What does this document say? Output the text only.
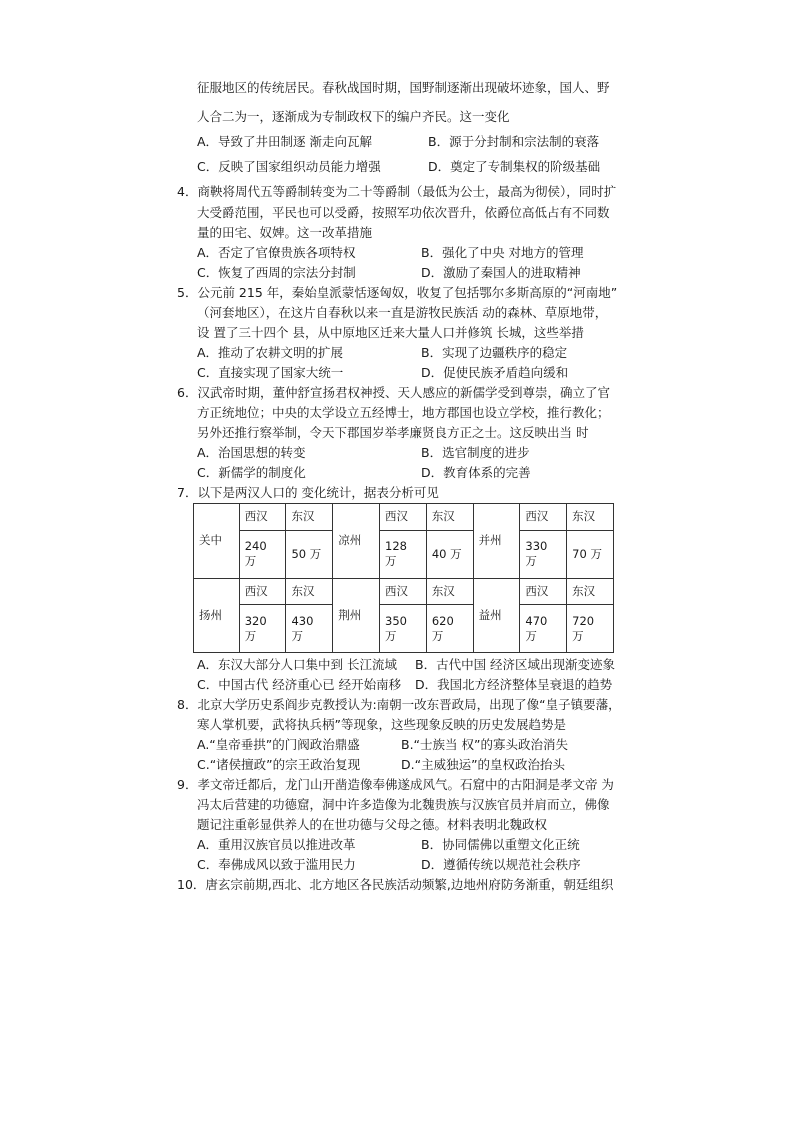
征服地区的传统居民。春秋战国时期，国野制逐渐出现破坏迹象，国人、野
人合二为一，逐渐成为专制政权下的编户齐民。这一变化
A．导致了井田制逐 渐走向瓦解	B．源于分封制和宗法制的衰落
C．反映了国家组织动员能力增强	D．奠定了专制集权的阶级基础
4．商鞅将周代五等爵制转变为二十等爵制（最低为公士，最高为彻侯），同时扩
大受爵范围，平民也可以受爵，按照军功依次晋升，依爵位高低占有不同数
量的田宅、奴婢。这一改革措施
A．否定了官僚贵族各项特权	B．强化了中央 对地方的管理
C．恢复了西周的宗法分封制	D．激励了秦国人的进取精神
5．公元前 215 年，秦始皇派蒙恬逐匈奴，收复了包括鄂尔多斯高原的“河南地”
（河套地区），在这片自春秋以来一直是游牧民族活 动的森林、草原地带，
设 置了三十四个 县，从中原地区迁来大量人口并修筑 长城，这些举措
A．推动了农耕文明的扩展	B．实现了边疆秩序的稳定
C．直接实现了国家大统一	D．促使民族矛盾趋向缓和
6．汉武帝时期，董仲舒宣扬君权神授、天人感应的新儒学受到尊崇，确立了官
方正统地位；中央的太学设立五经博士，地方郡国也设立学校，推行教化；
另外还推行察举制，令天下郡国岁举孝廉贤良方正之士。这反映出当 时
A．治国思想的转变	B．选官制度的进步
C．新儒学的制度化	D．教育体系的完善
7．以下是两汉人口的 变化统计，据表分析可见
关中	西汉	东汉	凉州	西汉	东汉	并州	西汉	东汉
	240 万	50 万		128 万	40 万		330 万	70 万
扬州	西汉	东汉	荆州	西汉	东汉	益州	西汉	东汉
	320 万	430 万		350 万	620 万		470 万	720 万
A．东汉大部分人口集中到 长江流域 B．古代中国 经济区域出现渐变迹象
C．中国古代 经济重心已 经开始南移 D．我国北方经济整体呈衰退的趋势
8．北京大学历史系阎步克教授认为:南朝一改东晋政局，出现了像“皇子镇要藩，
寒人掌机要，武将执兵柄”等现象，这些现象反映的历史发展趋势是
A.“皇帝垂拱”的门阀政治鼎盛	B.“士族当 权”的寡头政治消失
C.“诸侯擅政”的宗王政治复现	D.“主威独运”的皇权政治抬头
9．孝文帝迁都后，龙门山开凿造像奉佛遂成风气。石窟中的古阳洞是孝文帝 为
冯太后营建的功德窟，洞中许多造像为北魏贵族与汉族官员并肩而立，佛像
题记注重彰显供养人的在世功德与父母之德。材料表明北魏政权
A．重用汉族官员以推进改革	B．协同儒佛以重塑文化正统
C．奉佛成风以致于滥用民力	D．遵循传统以规范社会秩序
10．唐玄宗前期,西北、北方地区各民族活动频繁,边地州府防务渐重，朝廷组织
